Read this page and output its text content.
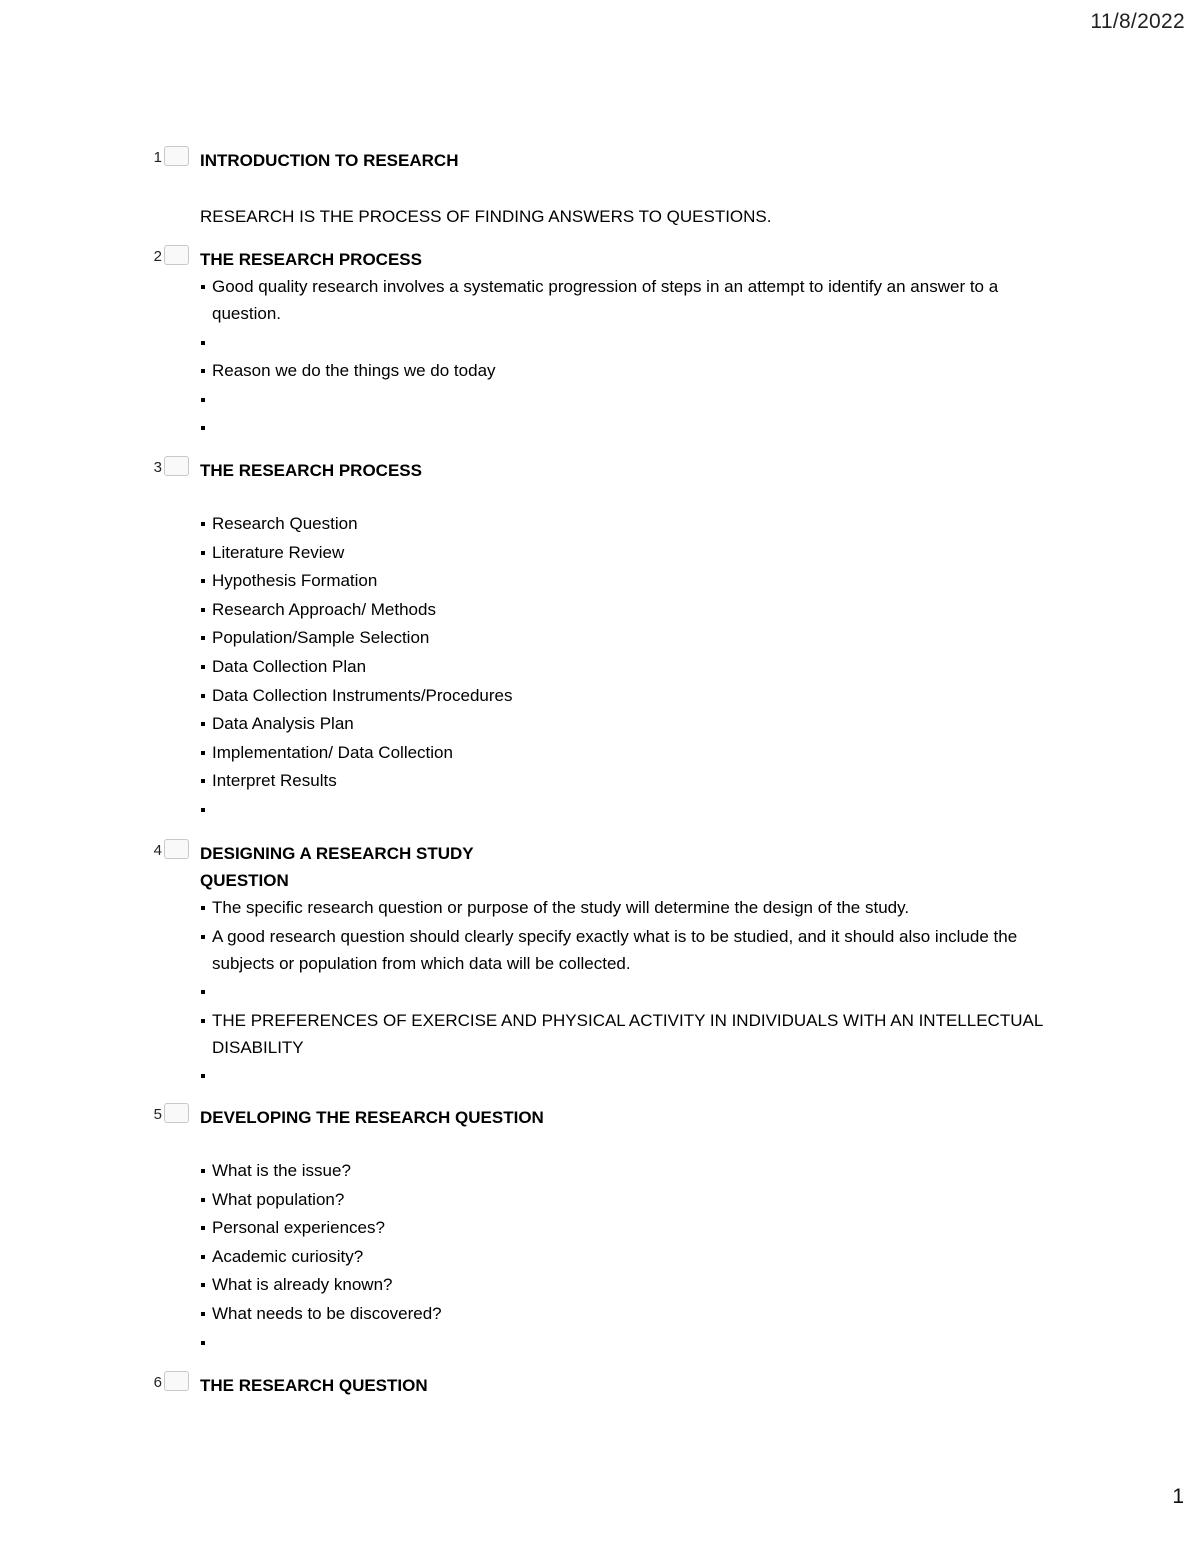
11/8/2022
1 INTRODUCTION TO RESEARCH
RESEARCH IS THE PROCESS OF FINDING ANSWERS TO QUESTIONS.
2 THE RESEARCH PROCESS
Good quality research involves a systematic progression of steps in an attempt to identify an answer to a question.
Reason we do the things we do today
3 THE RESEARCH PROCESS
Research Question
Literature Review
Hypothesis Formation
Research Approach/ Methods
Population/Sample Selection
Data Collection Plan
Data Collection Instruments/Procedures
Data Analysis Plan
Implementation/ Data Collection
Interpret Results
4 DESIGNING A RESEARCH STUDY
QUESTION
The specific research question or purpose of the study will determine the design of the study.
A good research question should clearly specify exactly what is to be studied, and it should also include the subjects or population from which data will be collected.
THE PREFERENCES OF EXERCISE AND PHYSICAL ACTIVITY IN INDIVIDUALS WITH AN INTELLECTUAL DISABILITY
5 DEVELOPING THE RESEARCH QUESTION
What is the issue?
What population?
Personal experiences?
Academic curiosity?
What is already known?
What needs to be discovered?
6 THE RESEARCH QUESTION
1
